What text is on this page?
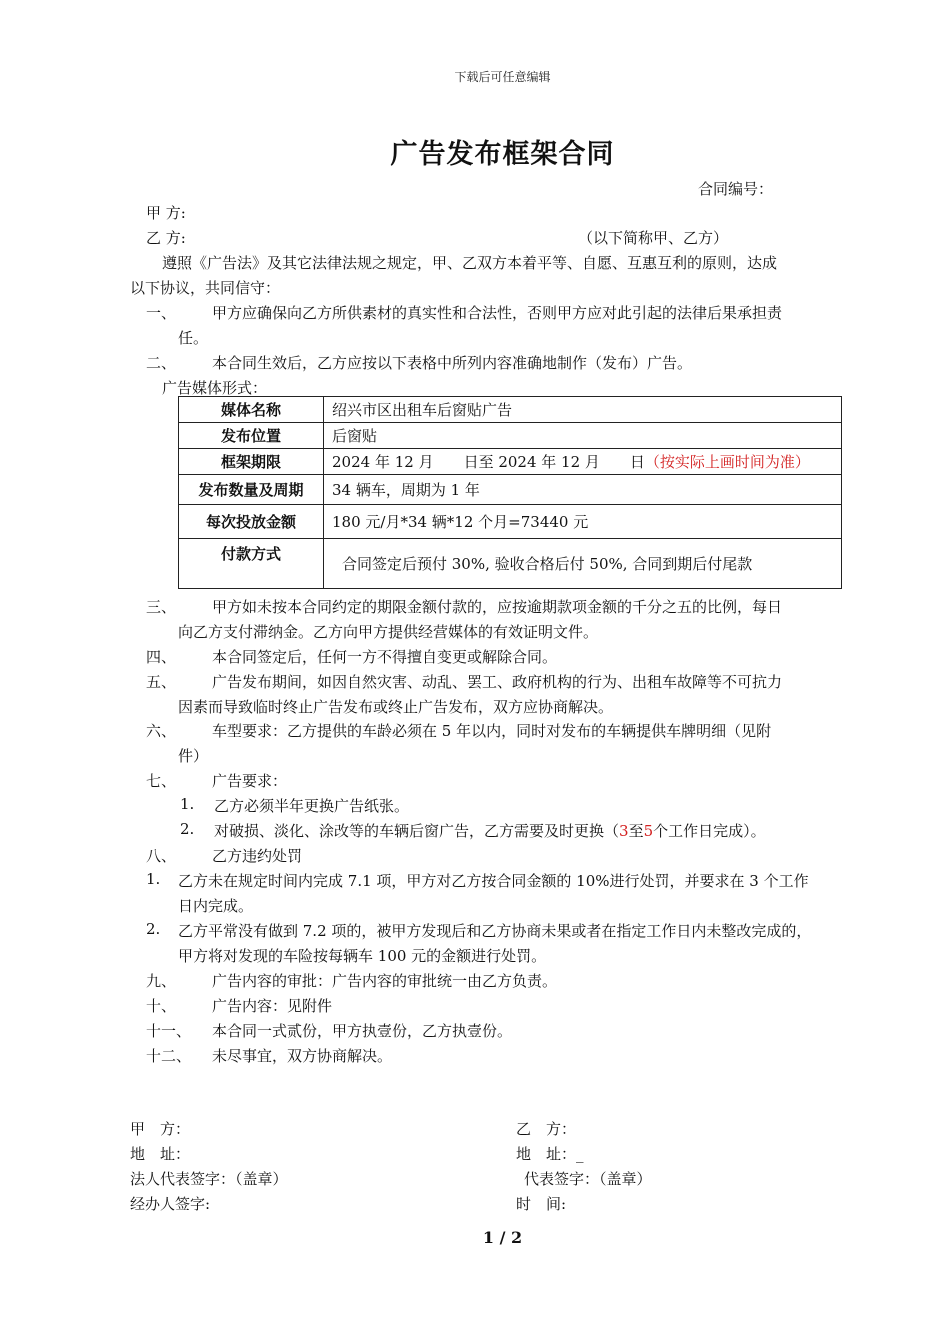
下载后可任意编辑
广告发布框架合同
合同编号：
甲 方:
乙 方:	（以下简称甲、乙方）
遵照《广告法》及其它法律法规之规定，甲、乙双方本着平等、自愿、互惠互利的原则，达成
以下协议，共同信守：
一、 甲方应确保向乙方所供素材的真实性和合法性，否则甲方应对此引起的法律后果承担责
任。
二、 本合同生效后，乙方应按以下表格中所列内容准确地制作（发布）广告。
广告媒体形式：
媒体名称	绍兴市区出租车后窗贴广告
发布位置	后窗贴
框架期限	2024 年 12 月　　日至 2024 年 12 月　　日（按实际上画时间为准）
发布数量及周期	34 辆车，周期为 1 年
每次投放金额	180 元/月*34 辆*12 个月=73440 元
付款方式	合同签定后预付 30%, 验收合格后付 50%, 合同到期后付尾款
三、 甲方如未按本合同约定的期限金额付款的，应按逾期款项金额的千分之五的比例，每日
向乙方支付滞纳金。乙方向甲方提供经营媒体的有效证明文件。
四、 本合同签定后，任何一方不得擅自变更或解除合同。
五、 广告发布期间，如因自然灾害、动乱、罢工、政府机构的行为、出租车故障等不可抗力
因素而导致临时终止广告发布或终止广告发布，双方应协商解决。
六、 车型要求：乙方提供的车龄必须在 5 年以内，同时对发布的车辆提供车牌明细（见附
件）
七、 广告要求：
1. 乙方必须半年更换广告纸张。
2. 对破损、淡化、涂改等的车辆后窗广告，乙方需要及时更换（3至5个工作日完成）。
八、 乙方违约处罚
1. 乙方未在规定时间内完成 7.1 项，甲方对乙方按合同金额的 10%进行处罚，并要求在 3 个工作
日内完成。
2. 乙方平常没有做到 7.2 项的，被甲方发现后和乙方协商未果或者在指定工作日内未整改完成的，
甲方将对发现的车险按每辆车 100 元的金额进行处罚。
九、 广告内容的审批：广告内容的审批统一由乙方负责。
十、 广告内容：见附件
十一、 本合同一式贰份，甲方执壹份，乙方执壹份。
十二、 未尽事宜，双方协商解决。
甲　方：
地　址：
法人代表签字：（盖章）
经办人签字:
乙　方：
地　址：_
代表签字：（盖章）
时　间:
1 / 2
